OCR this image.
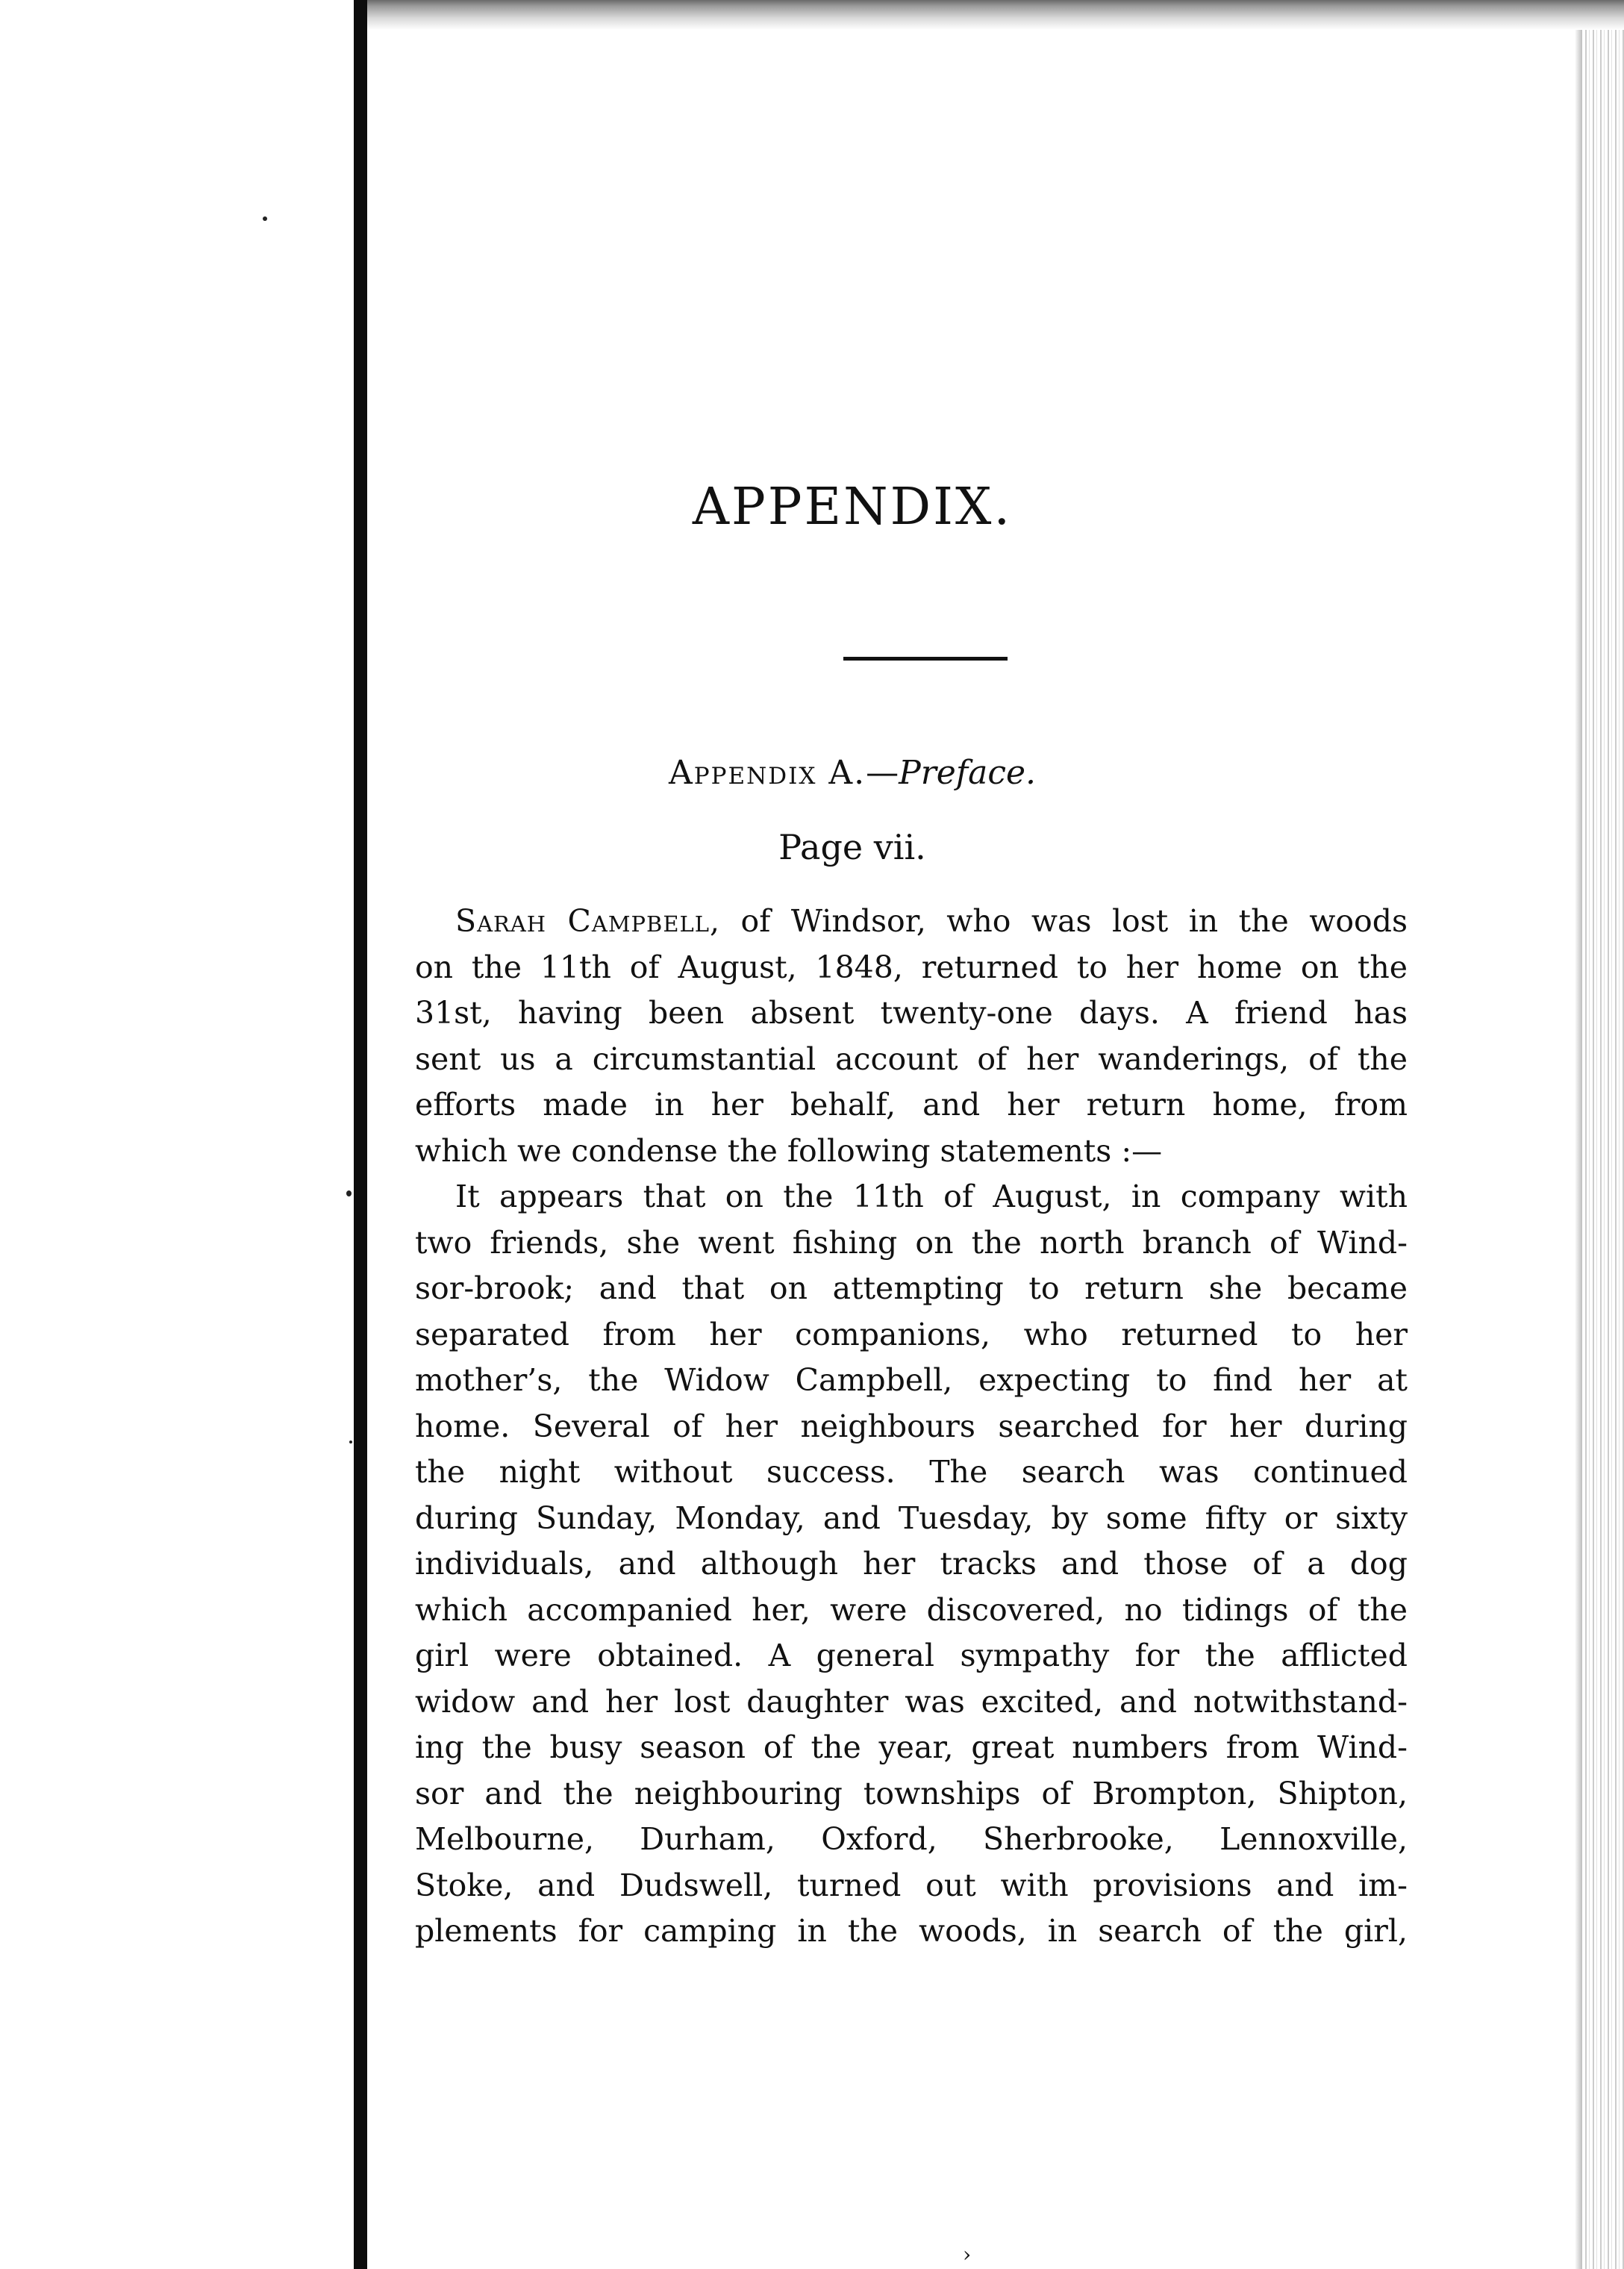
APPENDIX.
Appendix A.—Preface.
Page vii.
Sarah Campbell, of Windsor, who was lost in the woods
on the 11th of August, 1848, returned to her home on the
31st, having been absent twenty-one days. A friend has
sent us a circumstantial account of her wanderings, of the
efforts made in her behalf, and her return home, from
which we condense the following statements :—
It appears that on the 11th of August, in company with
two friends, she went fishing on the north branch of Wind-
sor-brook; and that on attempting to return she became
separated from her companions, who returned to her
mother’s, the Widow Campbell, expecting to find her at
home. Several of her neighbours searched for her during
the night without success. The search was continued
during Sunday, Monday, and Tuesday, by some fifty or sixty
individuals, and although her tracks and those of a dog
which accompanied her, were discovered, no tidings of the
girl were obtained. A general sympathy for the afflicted
widow and her lost daughter was excited, and notwithstand-
ing the busy season of the year, great numbers from Wind-
sor and the neighbouring townships of Brompton, Shipton,
Melbourne, Durham, Oxford, Sherbrooke, Lennoxville,
Stoke, and Dudswell, turned out with provisions and im-
plements for camping in the woods, in search of the girl,
›
